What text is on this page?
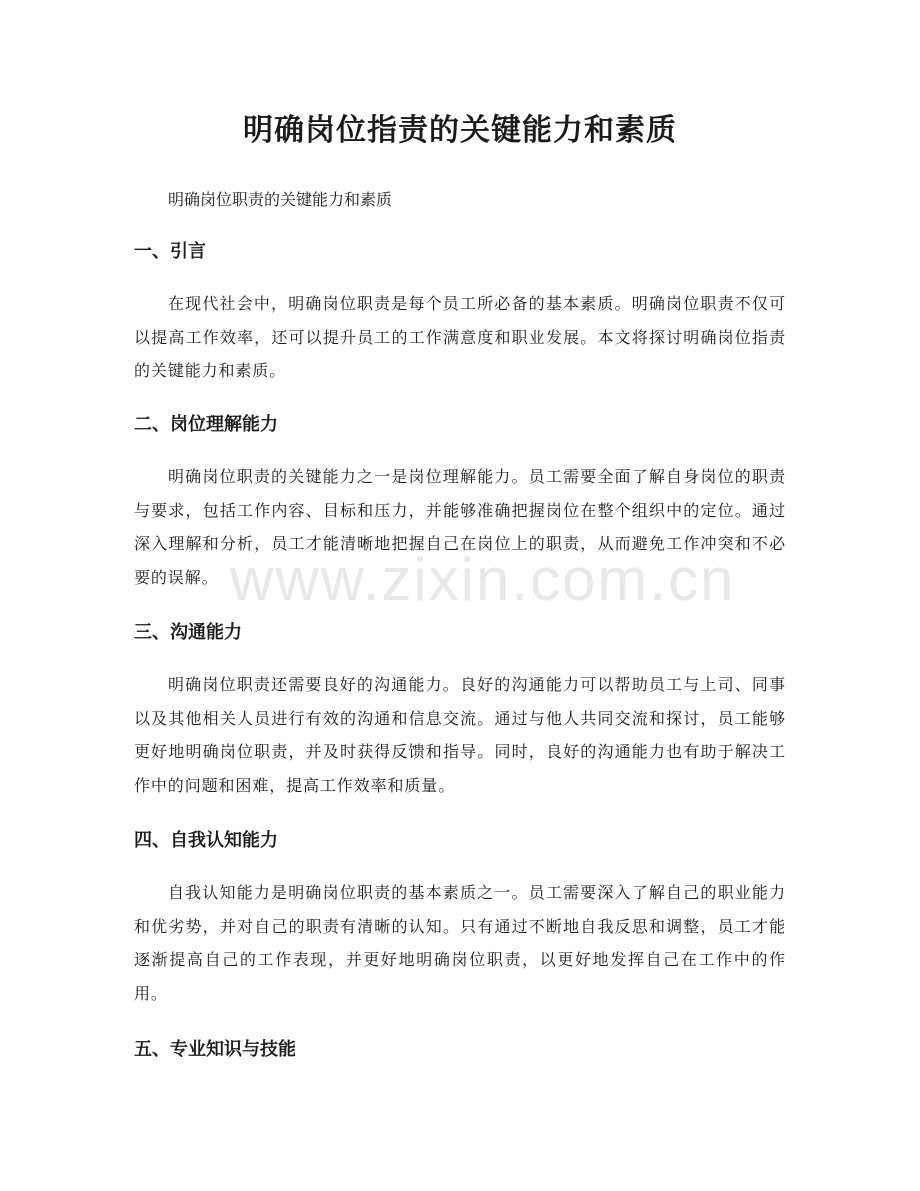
明确岗位指责的关键能力和素质

明确岗位职责的关键能力和素质

一、引言

在现代社会中，明确岗位职责是每个员工所必备的基本素质。明确岗位职责不仅可以提高工作效率，还可以提升员工的工作满意度和职业发展。本文将探讨明确岗位指责的关键能力和素质。

二、岗位理解能力

明确岗位职责的关键能力之一是岗位理解能力。员工需要全面了解自身岗位的职责与要求，包括工作内容、目标和压力，并能够准确把握岗位在整个组织中的定位。通过深入理解和分析，员工才能清晰地把握自己在岗位上的职责，从而避免工作冲突和不必要的误解。

三、沟通能力

明确岗位职责还需要良好的沟通能力。良好的沟通能力可以帮助员工与上司、同事以及其他相关人员进行有效的沟通和信息交流。通过与他人共同交流和探讨，员工能够更好地明确岗位职责，并及时获得反馈和指导。同时，良好的沟通能力也有助于解决工作中的问题和困难，提高工作效率和质量。

四、自我认知能力

自我认知能力是明确岗位职责的基本素质之一。员工需要深入了解自己的职业能力和优劣势，并对自己的职责有清晰的认知。只有通过不断地自我反思和调整，员工才能逐渐提高自己的工作表现，并更好地明确岗位职责，以更好地发挥自己在工作中的作用。

五、专业知识与技能
www.zixin.com.cn
